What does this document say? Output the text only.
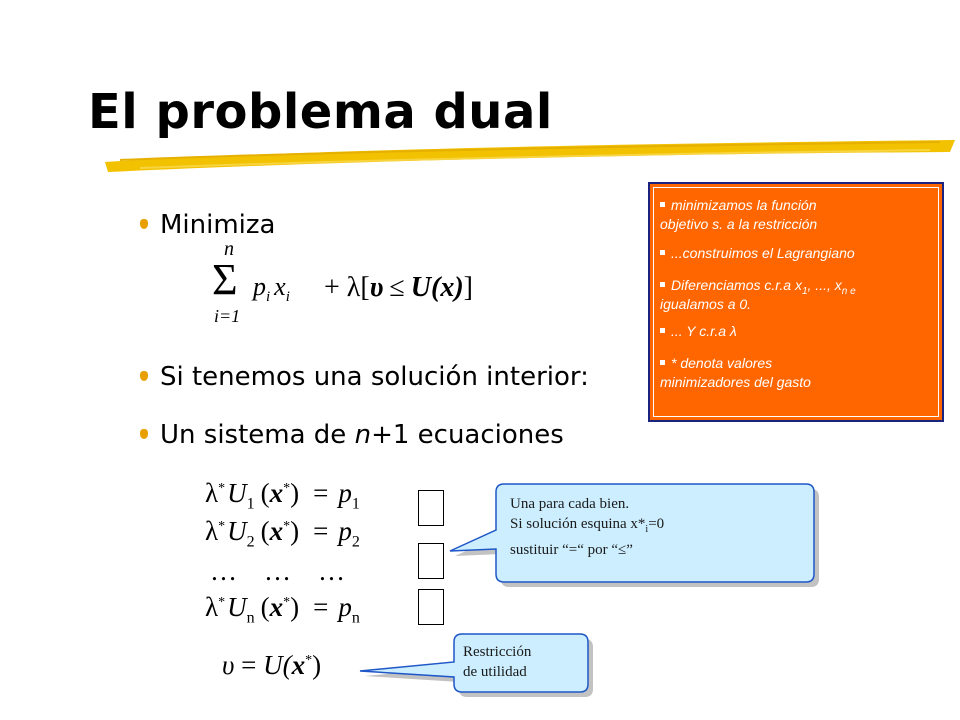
El problema dual
Minimiza
n
Σ
i=1
$p_i$ $x_i + \lambda[\upsilon \le U(x)]$
Si tenemos una solución interior:
Un sistema de n+1 ecuaciones
minimizamos la función
objetivo s. a la restricción
...construimos el Lagrangiano
Diferenciamos c.r.a $x_1$, ..., $x_{n e}$
igualamos a 0.
... Y c.r.a λ
* denota valores
minimizadores del gasto
$\lambda^*U_1$ $(x^*) = p_1$
$\lambda^*U_2$ $(x^*) = p_2$
…    …    …
$\lambda^*U_n$ $(x^*) = p_n$
υ = U(x*)
Una para cada bien.
Si solución esquina $x*_i=0$
sustituir “=“ por “≤”
Restricción
de utilidad
